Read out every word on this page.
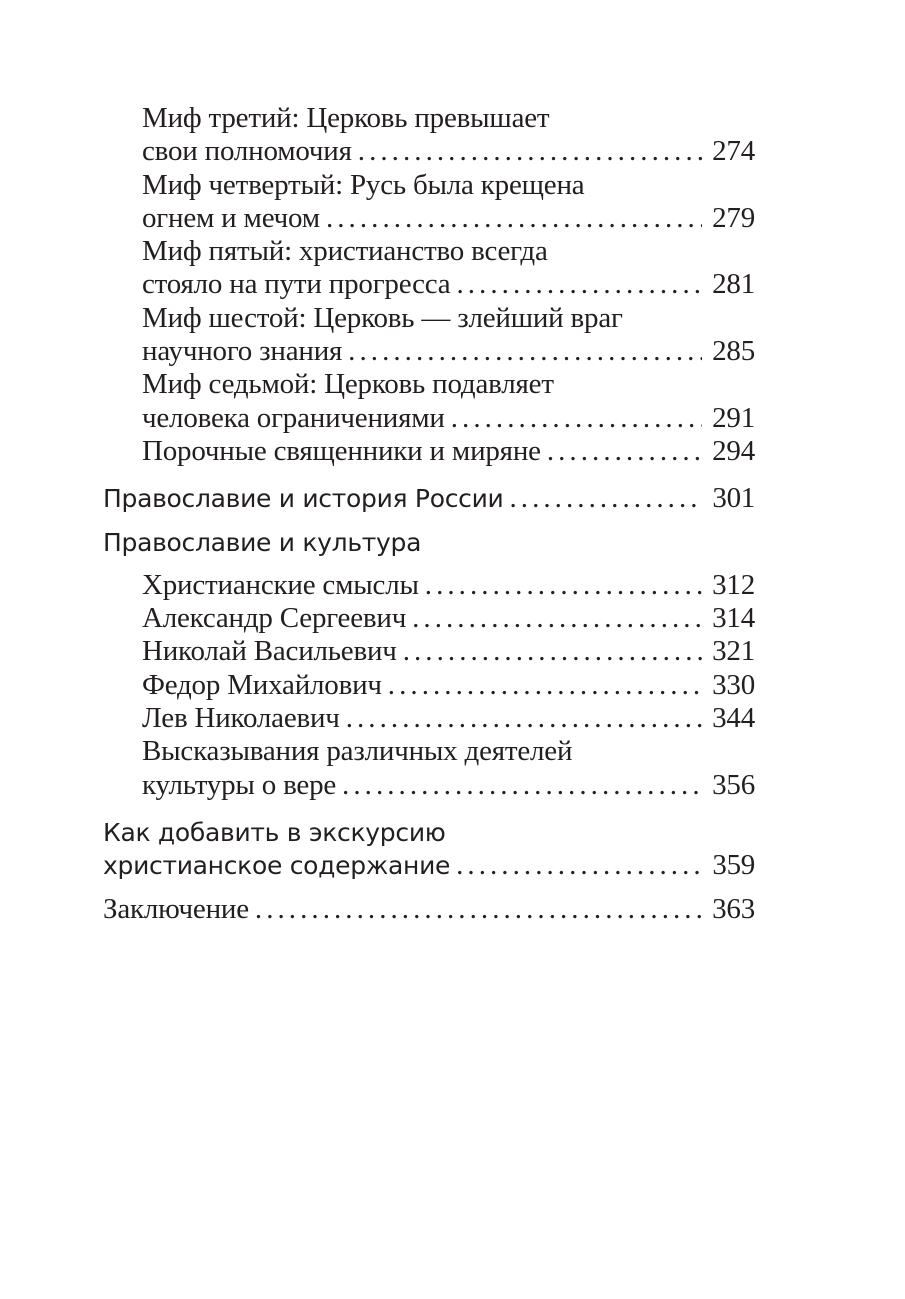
Миф третий: Церковь превышает
свои полномочия . . .	274
Миф четвертый: Русь была крещена
огнем и мечом . . .	279
Миф пятый: христианство всегда
стояло на пути прогресса . . .	281
Миф шестой: Церковь — злейший враг
научного знания . . .	285
Миф седьмой: Церковь подавляет
человека ограничениями . . .	291
Порочные священники и миряне . . .	294
Православие и история России . . .	301
Православие и культура
Христианские смыслы . . .	312
Александр Сергеевич . . .	314
Николай Васильевич . . .	321
Федор Михайлович . . .	330
Лев Николаевич . . .	344
Высказывания различных деятелей
культуры о вере . . .	356
Как добавить в экскурсию
христианское содержание . . .	359
Заключение . . .	363
